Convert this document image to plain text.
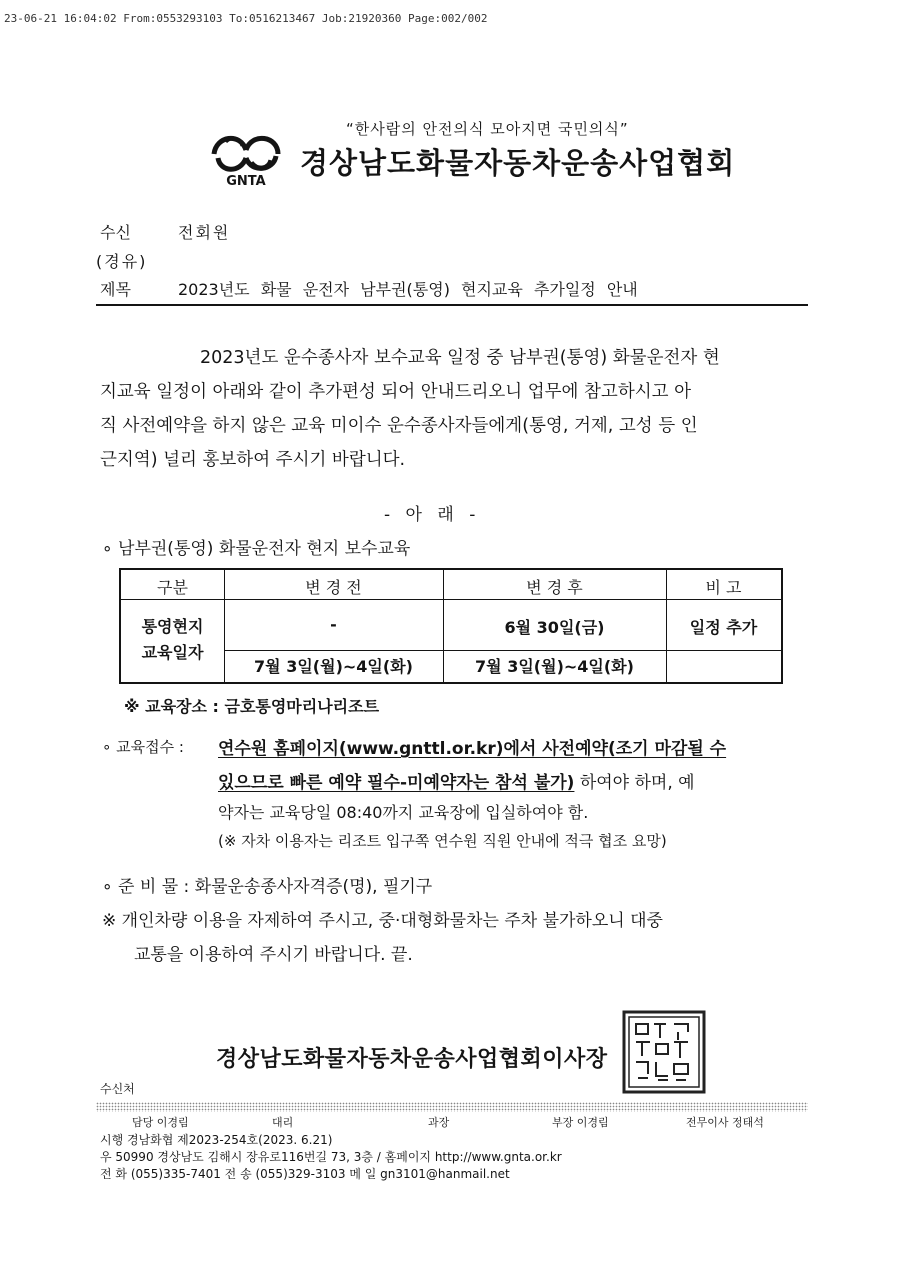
23-06-21 16:04:02 From:0553293103 To:0516213467 Job:21920360 Page:002/002
“한사람의 안전의식 모아지면 국민의식”
GNTA
경상남도화물자동차운송사업협회
수신	전회원
(경유)
제목	2023년도 화물 운전자 남부권(통영) 현지교육 추가일정 안내
2023년도 운수종사자 보수교육 일정 중 남부권(통영) 화물운전자 현
지교육 일정이 아래와 같이 추가편성 되어 안내드리오니 업무에 참고하시고 아
직 사전예약을 하지 않은 교육 미이수 운수종사자들에게(통영, 거제, 고성 등 인
근지역) 널리 홍보하여 주시기 바랍니다.
- 아 래 -
∘ 남부권(통영) 화물운전자 현지 보수교육
구분	변 경 전	변 경 후	비 고
통영현지
교육일자
-	6월 30일(금)	일정 추가
7월 3일(월)~4일(화)	7월 3일(월)~4일(화)
※ 교육장소 : 금호통영마리나리조트
∘ 교육접수 : 연수원 홈페이지(www.gnttl.or.kr)에서 사전예약(조기 마감될 수
있으므로 빠른 예약 필수-미예약자는 참석 불가) 하여야 하며, 예
약자는 교육당일 08:40까지 교육장에 입실하여야 함.
(※ 자차 이용자는 리조트 입구쪽 연수원 직원 안내에 적극 협조 요망)
∘ 준 비 물 : 화물운송종사자격증(명), 필기구
※ 개인차량 이용을 자제하여 주시고, 중·대형화물차는 주차 불가하오니 대중
교통을 이용하여 주시기 바랍니다. 끝.
경상남도화물자동차운송사업협회이사장
수신처
담당 이경림	대리	과장	부장 이경림	전무이사 정태석
시행 경남화협 제2023-254호(2023. 6.21)
우 50990 경상남도 김해시 장유로116번길 73, 3층 / 홈페이지 http://www.gnta.or.kr
전 화 (055)335-7401 전 송 (055)329-3103 메 일 gn3101@hanmail.net
